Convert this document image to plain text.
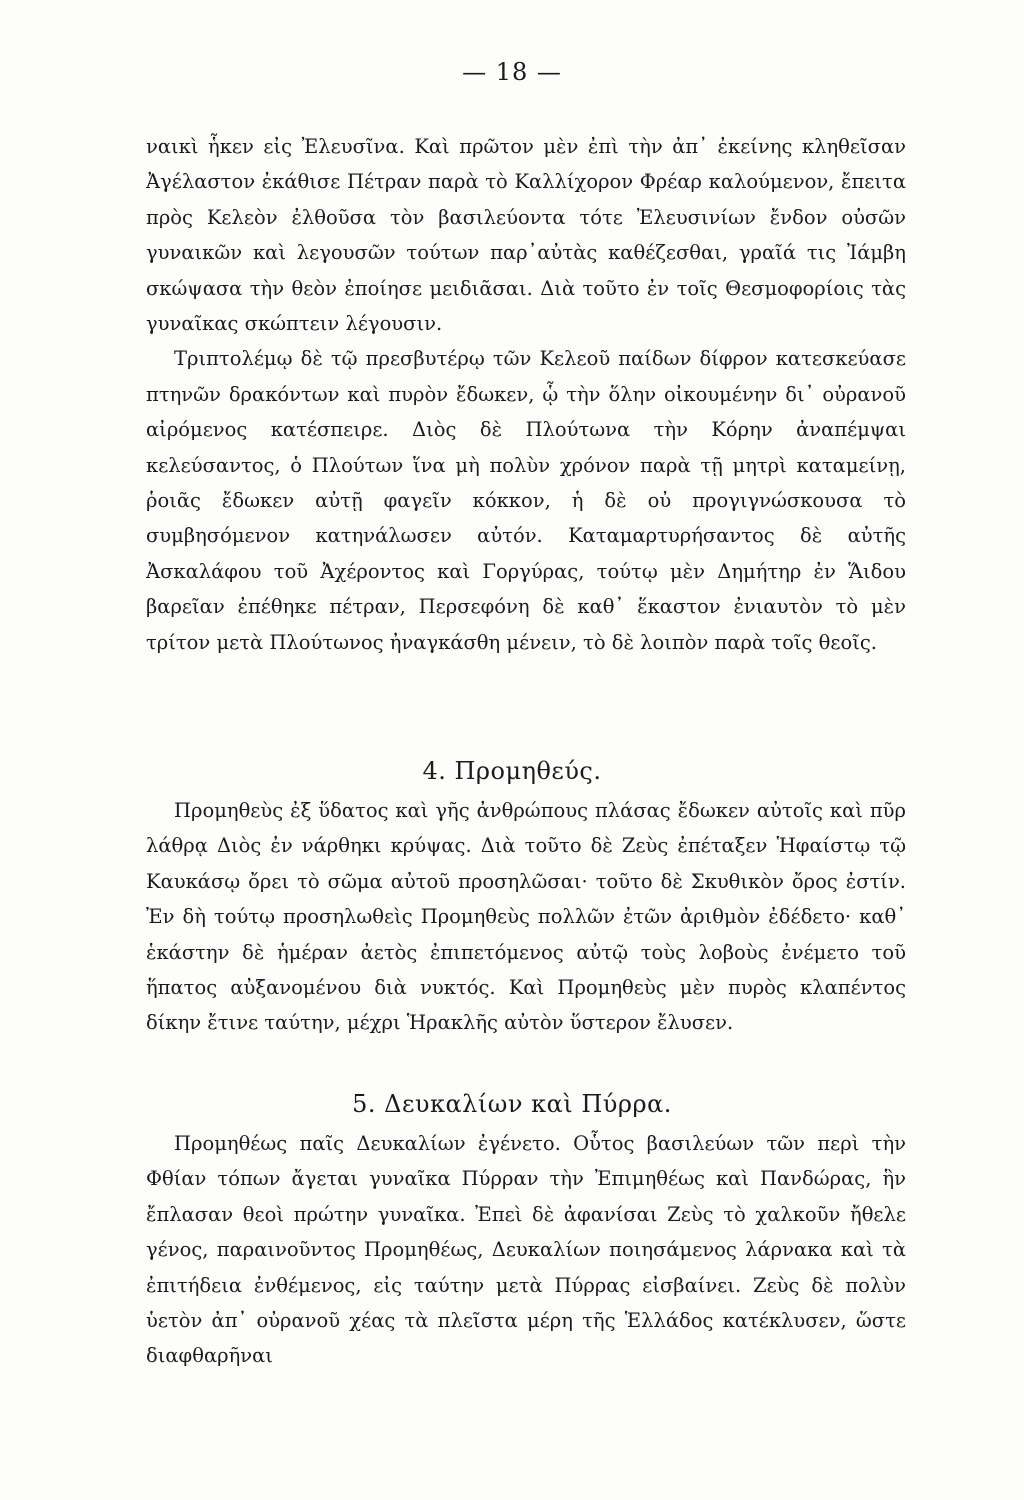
— 18 —

ναικὶ ἧκεν εἰς Ἐλευσῖνα. Καὶ πρῶτον μὲν ἐπὶ τὴν ἀπ᾽ ἐκείνης κληθεῖσαν Ἀγέλαστον ἐκάθισε Πέτραν παρὰ τὸ Καλλίχορον Φρέαρ καλούμενον, ἔπειτα πρὸς Κελεὸν ἐλθοῦσα τὸν βασιλεύοντα τότε Ἐλευσινίων ἔνδον οὐσῶν γυναικῶν καὶ λεγουσῶν τούτων παρ᾽αὐτὰς καθέζεσθαι, γραῖά τις Ἰάμβη σκώψασα τὴν θεὸν ἐποίησε μειδιᾶσαι. Διὰ τοῦτο ἐν τοῖς Θεσμοφορίοις τὰς γυναῖκας σκώπτειν λέγουσιν.

Τριπτολέμῳ δὲ τῷ πρεσβυτέρῳ τῶν Κελεοῦ παίδων δίφρον κατεσκεύασε πτηνῶν δρακόντων καὶ πυρὸν ἔδωκεν, ᾧ τὴν ὅλην οἰκουμένην δι᾽ οὐρανοῦ αἰρόμενος κατέσπειρε. Διὸς δὲ Πλούτωνα τὴν Κόρην ἀναπέμψαι κελεύσαντος, ὁ Πλούτων ἵνα μὴ πολὺν χρόνον παρὰ τῇ μητρὶ καταμείνῃ, ῥοιᾶς ἔδωκεν αὐτῇ φαγεῖν κόκκον, ἡ δὲ οὐ προγιγνώσκουσα τὸ συμβησόμενον κατηνάλωσεν αὐτόν. Καταμαρτυρήσαντος δὲ αὐτῆς Ἀσκαλάφου τοῦ Ἀχέροντος καὶ Γοργύρας, τούτῳ μὲν Δημήτηρ ἐν Ἅιδου βαρεῖαν ἐπέθηκε πέτραν, Περσεφόνη δὲ καθ᾽ ἕκαστον ἐνιαυτὸν τὸ μὲν τρίτον μετὰ Πλούτωνος ἠναγκάσθη μένειν, τὸ δὲ λοιπὸν παρὰ τοῖς θεοῖς.

4. Προμηθεύς.

Προμηθεὺς ἐξ ὕδατος καὶ γῆς ἀνθρώπους πλάσας ἔδωκεν αὐτοῖς καὶ πῦρ λάθρᾳ Διὸς ἐν νάρθηκι κρύψας. Διὰ τοῦτο δὲ Ζεὺς ἐπέταξεν Ἡφαίστῳ τῷ Καυκάσῳ ὄρει τὸ σῶμα αὐτοῦ προσηλῶσαι· τοῦτο δὲ Σκυθικὸν ὄρος ἐστίν. Ἐν δὴ τούτῳ προσηλωθεὶς Προμηθεὺς πολλῶν ἐτῶν ἀριθμὸν ἐδέδετο· καθ᾽ ἑκάστην δὲ ἡμέραν ἀετὸς ἐπιπετόμενος αὐτῷ τοὺς λοβοὺς ἐνέμετο τοῦ ἥπατος αὐξανομένου διὰ νυκτός. Καὶ Προμηθεὺς μὲν πυρὸς κλαπέντος δίκην ἔτινε ταύτην, μέχρι Ἡρακλῆς αὐτὸν ὕστερον ἔλυσεν.

5. Δευκαλίων καὶ Πύρρα.

Προμηθέως παῖς Δευκαλίων ἐγένετο. Οὗτος βασιλεύων τῶν περὶ τὴν Φθίαν τόπων ἄγεται γυναῖκα Πύρραν τὴν Ἐπιμηθέως καὶ Πανδώρας, ἣν ἔπλασαν θεοὶ πρώτην γυναῖκα. Ἐπεὶ δὲ ἀφανίσαι Ζεὺς τὸ χαλκοῦν ἤθελε γένος, παραινοῦντος Προμηθέως, Δευκαλίων ποιησάμενος λάρνακα καὶ τὰ ἐπιτήδεια ἐνθέμενος, εἰς ταύτην μετὰ Πύρρας εἰσβαίνει. Ζεὺς δὲ πολὺν ὑετὸν ἀπ᾽ οὐρανοῦ χέας τὰ πλεῖστα μέρη τῆς Ἑλλάδος κατέκλυσεν, ὥστε διαφθαρῆναι
